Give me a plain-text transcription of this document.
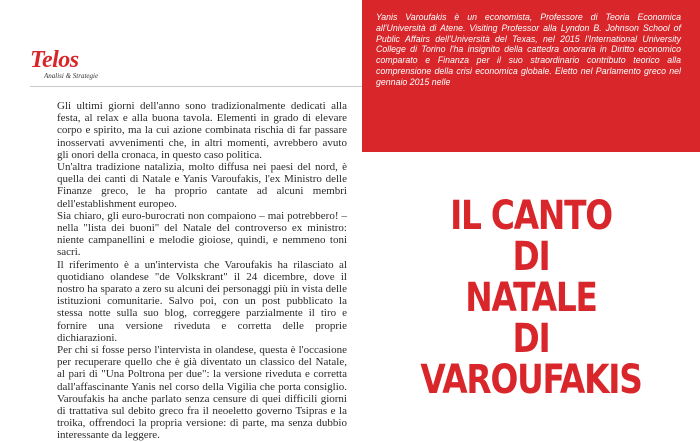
Telos
Analisi & Strategie

Gli ultimi giorni dell'anno sono tradizionalmente dedicati alla festa, al relax e alla buona tavola. Elementi in grado di elevare corpo e spirito, ma la cui azione combinata rischia di far passare inosservati avvenimenti che, in altri momenti, avrebbero avuto gli onori della cronaca, in questo caso politica.

Un'altra tradizione natalizia, molto diffusa nei paesi del nord, è quella dei canti di Natale e Yanis Varoufakis, l'ex Ministro delle Finanze greco, le ha proprio cantate ad alcuni membri dell'establishment europeo.

Sia chiaro, gli euro-burocrati non compaiono – mai potrebbero! – nella "lista dei buoni" del Natale del controverso ex ministro: niente campanellini e melodie gioiose, quindi, e nemmeno toni sacri.

Il riferimento è a un'intervista che Varoufakis ha rilasciato al quotidiano olandese "de Volkskrant" il 24 dicembre, dove il nostro ha sparato a zero su alcuni dei personaggi più in vista delle istituzioni comunitarie. Salvo poi, con un post pubblicato la stessa notte sulla suo blog, correggere parzialmente il tiro e fornire una versione riveduta e corretta delle proprie dichiarazioni.

Per chi si fosse perso l'intervista in olandese, questa è l'occasione per recuperare quello che è già diventato un classico del Natale, al pari di "Una Poltrona per due": la versione riveduta e corretta dall'affascinante Yanis nel corso della Vigilia che porta consiglio. Varoufakis ha anche parlato senza censure di quei difficili giorni di trattativa sul debito greco fra il neoeletto governo Tsipras e la troika, offrendoci la propria versione: di parte, ma senza dubbio interessante da leggere.

Yanis Varoufakis è un economista, Professore di Teoria Economica all'Università di Atene. Visiting Professor alla Lyndon B. Johnson School of Public Affairs dell'Università del Texas, nel 2015 l'International University College di Torino l'ha insignito della cattedra onoraria in Diritto economico comparato e Finanza per il suo straordinario contributo teorico alla comprensione della crisi economica globale. Eletto nel Parlamento greco nel gennaio 2015 nelle
IL CANTO
DI
NATALE
DI
VAROUFAKIS
